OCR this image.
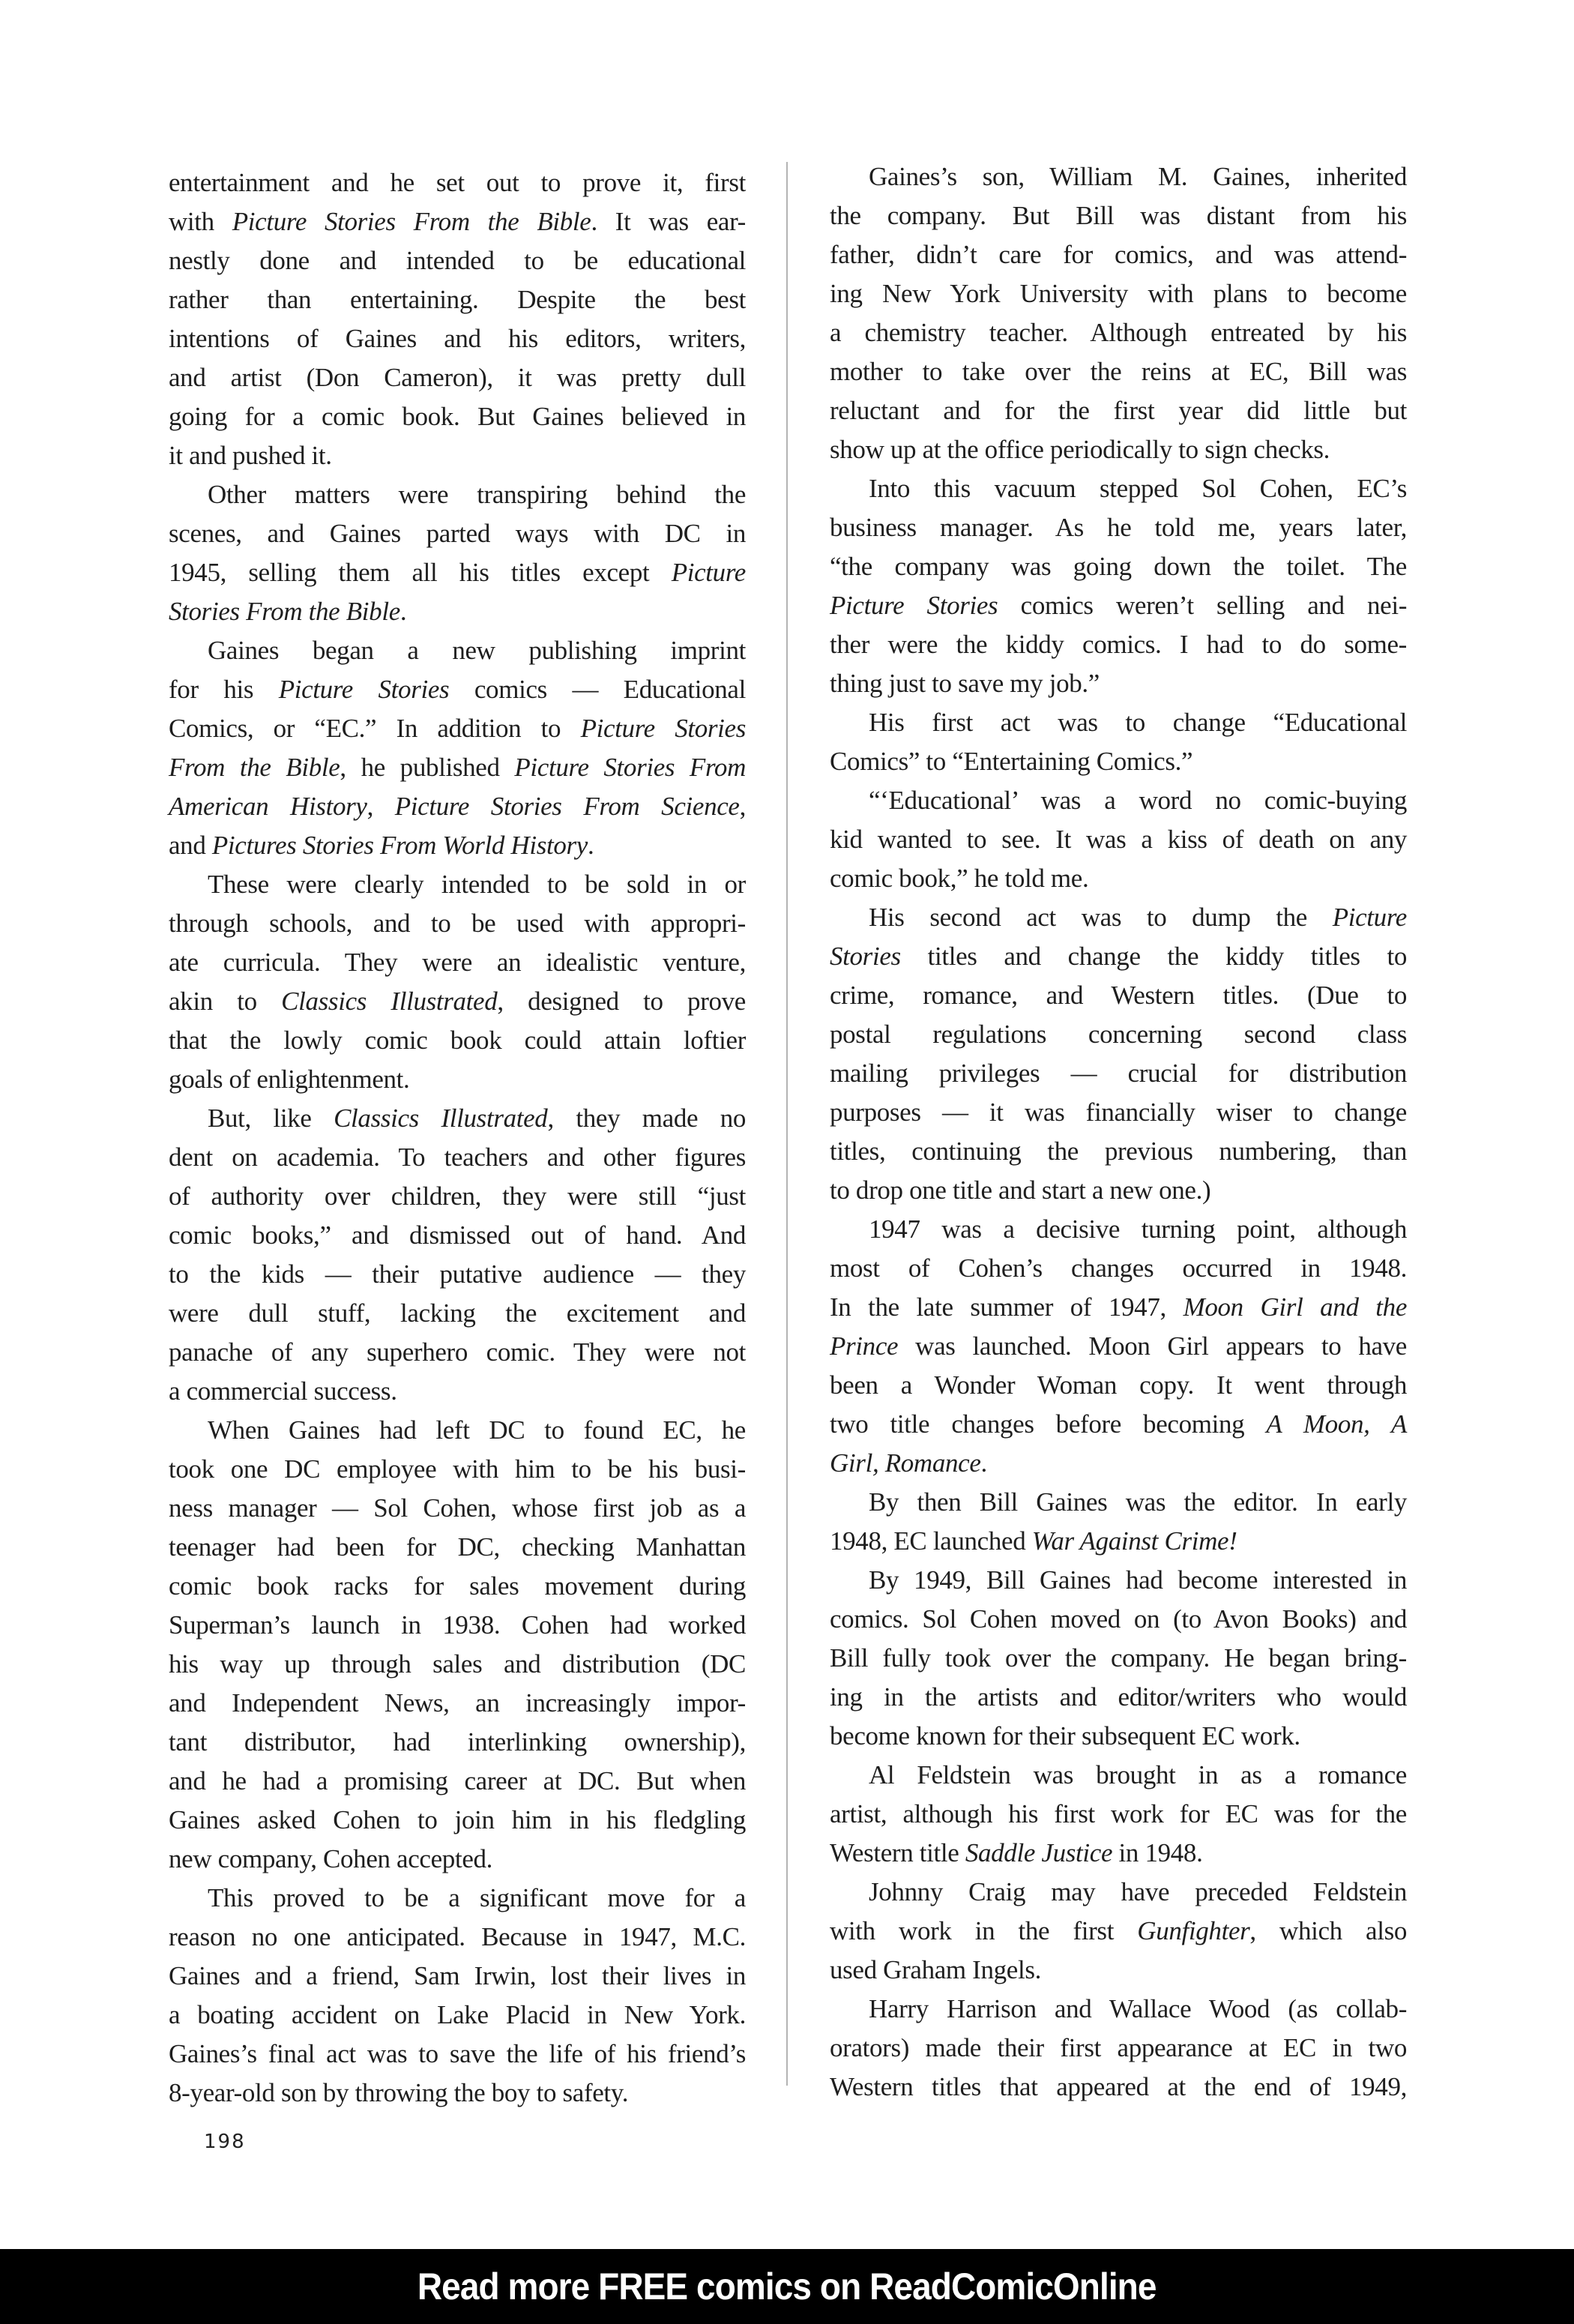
entertainment and he set out to prove it, first
with Picture Stories From the Bible. It was ear-
nestly done and intended to be educational
rather than entertaining. Despite the best
intentions of Gaines and his editors, writers,
and artist (Don Cameron), it was pretty dull
going for a comic book. But Gaines believed in
it and pushed it.
Other matters were transpiring behind the
scenes, and Gaines parted ways with DC in
1945, selling them all his titles except Picture
Stories From the Bible.
Gaines began a new publishing imprint
for his Picture Stories comics — Educational
Comics, or “EC.” In addition to Picture Stories
From the Bible, he published Picture Stories From
American History, Picture Stories From Science,
and Pictures Stories From World History.
These were clearly intended to be sold in or
through schools, and to be used with appropri-
ate curricula. They were an idealistic venture,
akin to Classics Illustrated, designed to prove
that the lowly comic book could attain loftier
goals of enlightenment.
But, like Classics Illustrated, they made no
dent on academia. To teachers and other figures
of authority over children, they were still “just
comic books,” and dismissed out of hand. And
to the kids — their putative audience — they
were dull stuff, lacking the excitement and
panache of any superhero comic. They were not
a commercial success.
When Gaines had left DC to found EC, he
took one DC employee with him to be his busi-
ness manager — Sol Cohen, whose first job as a
teenager had been for DC, checking Manhattan
comic book racks for sales movement during
Superman’s launch in 1938. Cohen had worked
his way up through sales and distribution (DC
and Independent News, an increasingly impor-
tant distributor, had interlinking ownership),
and he had a promising career at DC. But when
Gaines asked Cohen to join him in his fledgling
new company, Cohen accepted.
This proved to be a significant move for a
reason no one anticipated. Because in 1947, M.C.
Gaines and a friend, Sam Irwin, lost their lives in
a boating accident on Lake Placid in New York.
Gaines’s final act was to save the life of his friend’s
8-year-old son by throwing the boy to safety.
Gaines’s son, William M. Gaines, inherited
the company. But Bill was distant from his
father, didn’t care for comics, and was attend-
ing New York University with plans to become
a chemistry teacher. Although entreated by his
mother to take over the reins at EC, Bill was
reluctant and for the first year did little but
show up at the office periodically to sign checks.
Into this vacuum stepped Sol Cohen, EC’s
business manager. As he told me, years later,
“the company was going down the toilet. The
Picture Stories comics weren’t selling and nei-
ther were the kiddy comics. I had to do some-
thing just to save my job.”
His first act was to change “Educational
Comics” to “Entertaining Comics.”
“‘Educational’ was a word no comic-buying
kid wanted to see. It was a kiss of death on any
comic book,” he told me.
His second act was to dump the Picture
Stories titles and change the kiddy titles to
crime, romance, and Western titles. (Due to
postal regulations concerning second class
mailing privileges — crucial for distribution
purposes — it was financially wiser to change
titles, continuing the previous numbering, than
to drop one title and start a new one.)
1947 was a decisive turning point, although
most of Cohen’s changes occurred in 1948.
In the late summer of 1947, Moon Girl and the
Prince was launched. Moon Girl appears to have
been a Wonder Woman copy. It went through
two title changes before becoming A Moon, A
Girl, Romance.
By then Bill Gaines was the editor. In early
1948, EC launched War Against Crime!
By 1949, Bill Gaines had become interested in
comics. Sol Cohen moved on (to Avon Books) and
Bill fully took over the company. He began bring-
ing in the artists and editor/writers who would
become known for their subsequent EC work.
Al Feldstein was brought in as a romance
artist, although his first work for EC was for the
Western title Saddle Justice in 1948.
Johnny Craig may have preceded Feldstein
with work in the first Gunfighter, which also
used Graham Ingels.
Harry Harrison and Wallace Wood (as collab-
orators) made their first appearance at EC in two
Western titles that appeared at the end of 1949,
198
Read more FREE comics on ReadComicOnline
